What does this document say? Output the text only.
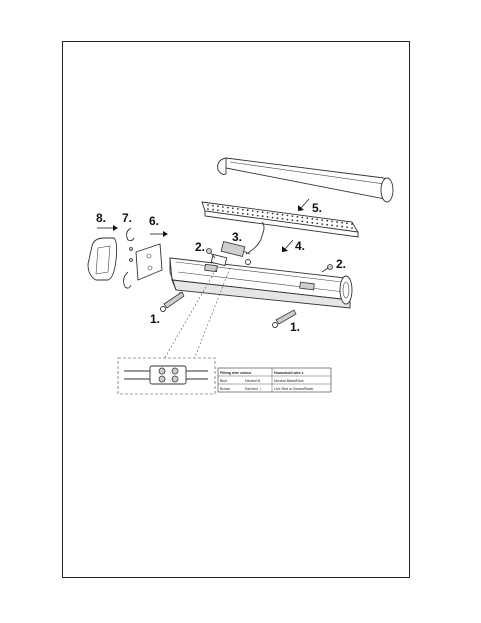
Fitting wire colour	Household wire L
Blue	Neutral N	Neutral Black/Blue
Brown	Earthed ⏚	Live Red or Brown/Black
5.
3.
2.	4.
2.
8. 7. 6.
1.
1.
